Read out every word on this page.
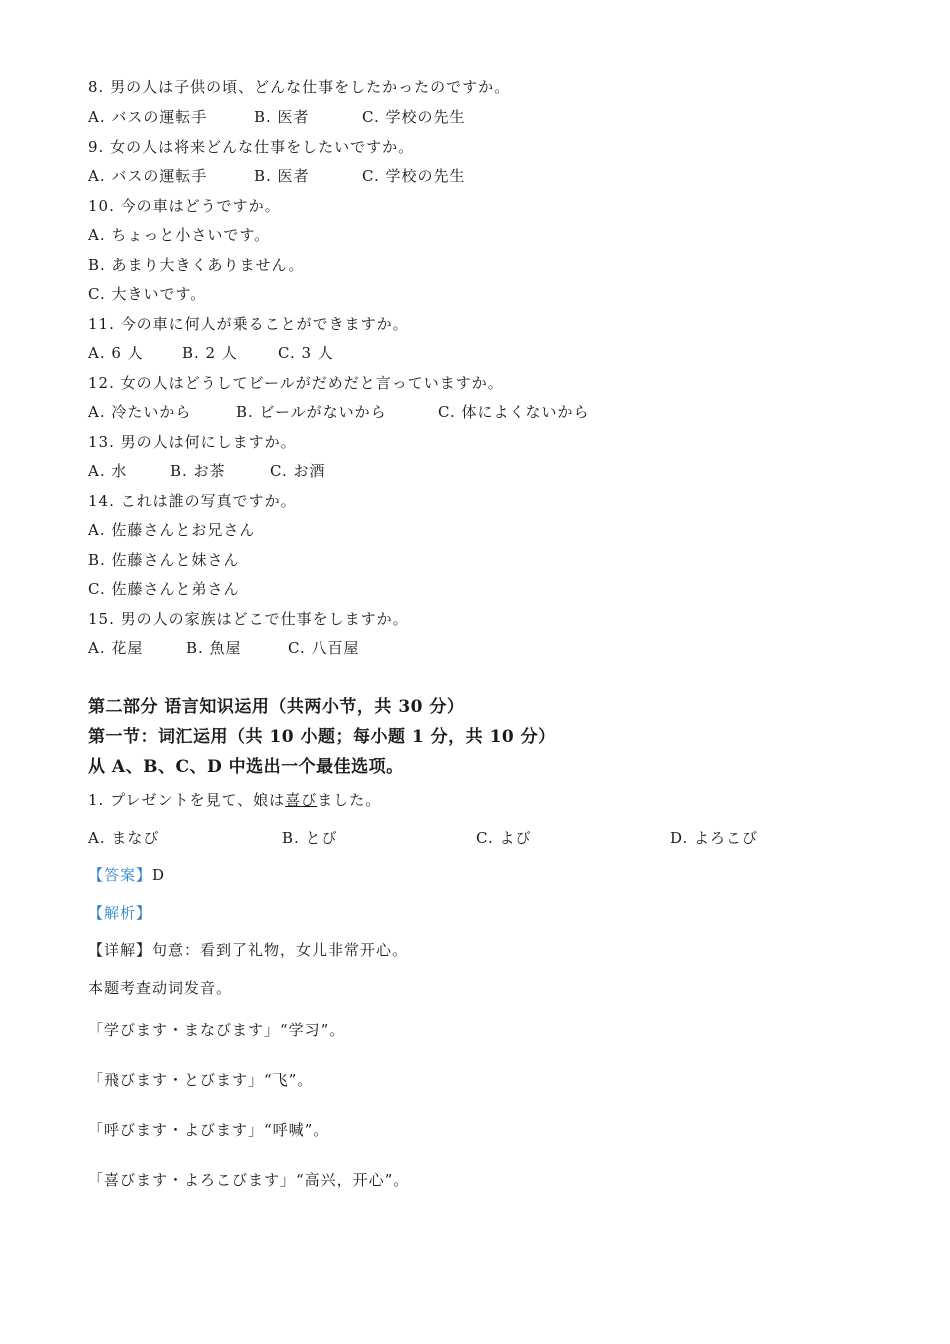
8. 男の人は子供の頃、どんな仕事をしたかったのですか。
A. バスの運転手	B. 医者	C. 学校の先生
9. 女の人は将来どんな仕事をしたいですか。
A. バスの運転手	B. 医者	C. 学校の先生
10. 今の車はどうですか。
A. ちょっと小さいです。
B. あまり大きくありません。
C. 大きいです。
11. 今の車に何人が乗ることができますか。
A. 6 人	B. 2 人	C. 3 人
12. 女の人はどうしてビールがだめだと言っていますか。
A. 冷たいから	B. ビールがないから	C. 体によくないから
13. 男の人は何にしますか。
A. 水	B. お茶	C. お酒
14. これは誰の写真ですか。
A. 佐藤さんとお兄さん
B. 佐藤さんと妹さん
C. 佐藤さんと弟さん
15. 男の人の家族はどこで仕事をしますか。
A. 花屋	B. 魚屋	C. 八百屋
第二部分 语言知识运用（共两小节，共 30 分）
第一节：词汇运用（共 10 小题；每小题 1 分，共 10 分）
从 A、B、C、D 中选出一个最佳选项。
1. プレゼントを見て、娘は喜びました。
A. まなび	B. とび	C. よび	D. よろこび
【答案】D
【解析】
【详解】句意：看到了礼物，女儿非常开心。
本题考查动词发音。
「学びます・まなびます」“学习”。
「飛びます・とびます」“飞”。
「呼びます・よびます」“呼喊”。
「喜びます・よろこびます」“高兴，开心”。
